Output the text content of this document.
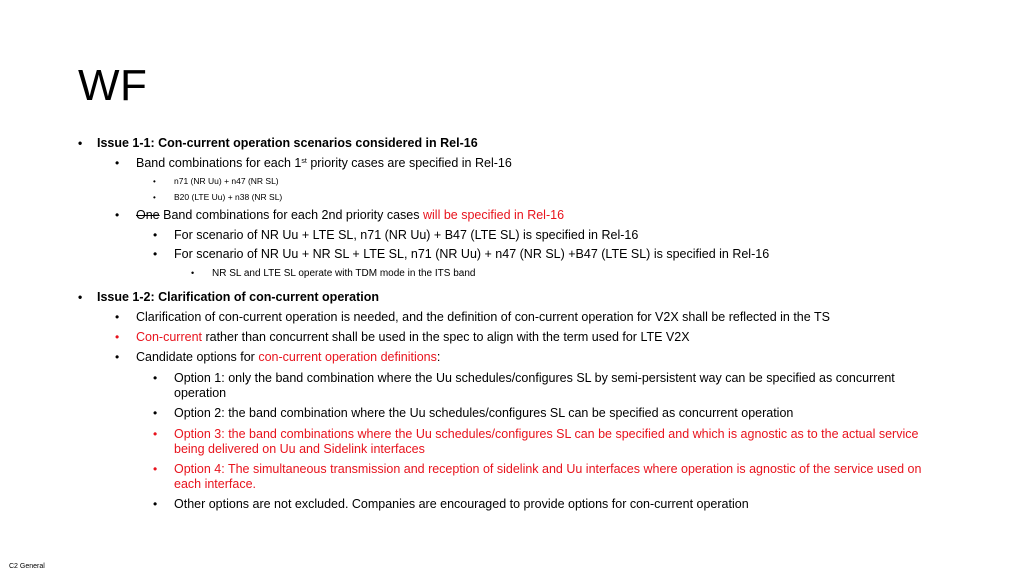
WF
• Issue 1-1: Con-current operation scenarios considered in Rel-16
• Band combinations for each 1st priority cases are specified in Rel-16
• n71 (NR Uu) + n47 (NR SL)
• B20 (LTE Uu) + n38 (NR SL)
• One Band combinations for each 2nd priority cases will be specified in Rel-16
• For scenario of NR Uu + LTE SL, n71 (NR Uu) + B47 (LTE SL) is specified in Rel-16
• For scenario of NR Uu + NR SL + LTE SL, n71 (NR Uu) + n47 (NR SL) +B47 (LTE SL) is specified in Rel-16
• NR SL and LTE SL operate with TDM mode in the ITS band
• Issue 1-2: Clarification of con-current operation
• Clarification of con-current operation is needed, and the definition of con-current operation for V2X shall be reflected in the TS
• Con-current rather than concurrent shall be used in the spec to align with the term used for LTE V2X
• Candidate options for con-current operation definitions:
• Option 1: only the band combination where the Uu schedules/configures SL by semi-persistent way can be specified as concurrent operation
• Option 2: the band combination where the Uu schedules/configures SL can be specified as concurrent operation
• Option 3: the band combinations where the Uu schedules/configures SL can be specified and which is agnostic as to the actual service being delivered on Uu and Sidelink interfaces
• Option 4: The simultaneous transmission and reception of sidelink and Uu interfaces where operation is agnostic of the service used on each interface.
• Other options are not excluded. Companies are encouraged to provide options for con-current operation
C2 General
